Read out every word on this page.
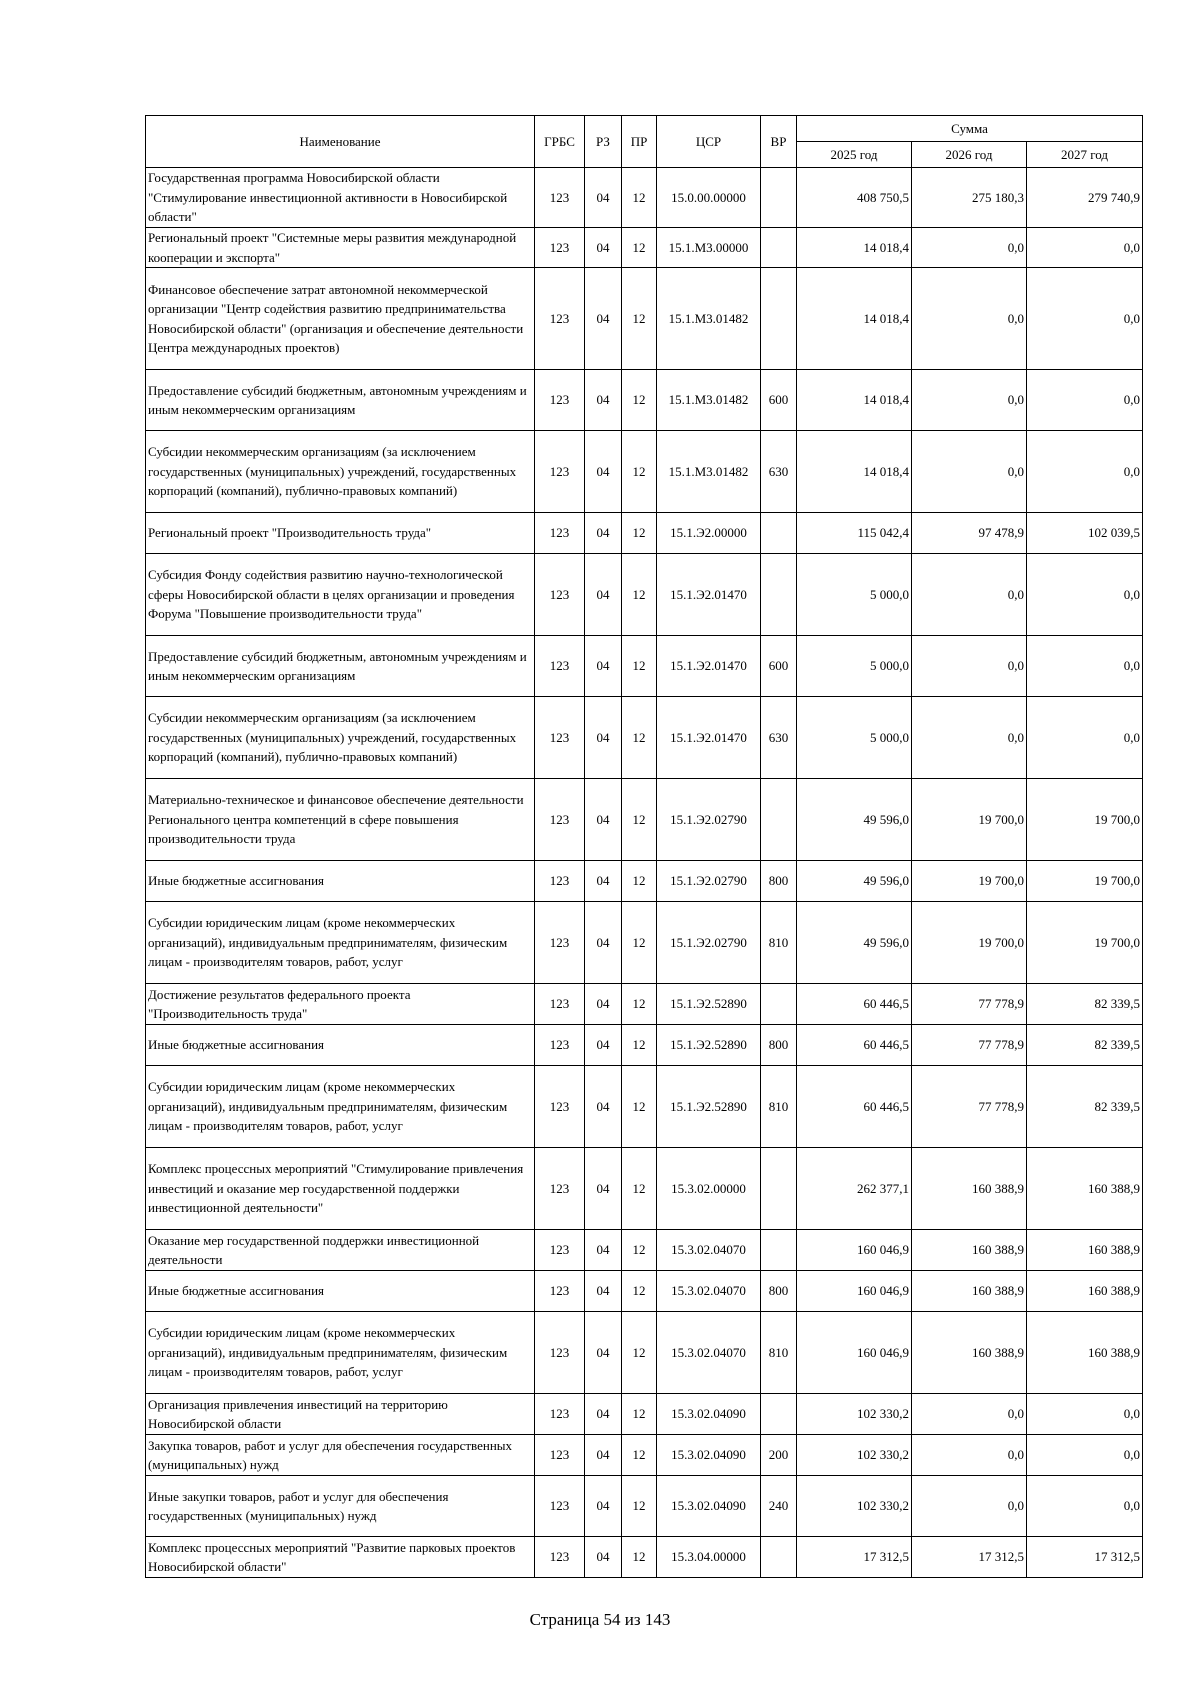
Наименование	ГРБС	РЗ	ПР	ЦСР	ВР	Сумма		
						2025 год	2026 год	2027 год
Государственная программа Новосибирской области "Стимулирование инвестиционной активности в Новосибирской области"	123	04	12	15.0.00.00000		408 750,5	275 180,3	279 740,9
Региональный проект "Системные меры развития международной кооперации и экспорта"	123	04	12	15.1.М3.00000		14 018,4	0,0	0,0
Финансовое обеспечение затрат автономной некоммерческой организации "Центр содействия развитию предпринимательства Новосибирской области" (организация и обеспечение деятельности Центра международных проектов)	123	04	12	15.1.М3.01482		14 018,4	0,0	0,0
Предоставление субсидий бюджетным, автономным учреждениям и иным некоммерческим организациям	123	04	12	15.1.М3.01482	600	14 018,4	0,0	0,0
Субсидии некоммерческим организациям (за исключением государственных (муниципальных) учреждений, государственных корпораций (компаний), публично-правовых компаний)	123	04	12	15.1.М3.01482	630	14 018,4	0,0	0,0
Региональный проект "Производительность труда"	123	04	12	15.1.Э2.00000		115 042,4	97 478,9	102 039,5
Субсидия Фонду содействия развитию научно-технологической сферы Новосибирской области в целях организации и проведения Форума "Повышение производительности труда"	123	04	12	15.1.Э2.01470		5 000,0	0,0	0,0
Предоставление субсидий бюджетным, автономным учреждениям и иным некоммерческим организациям	123	04	12	15.1.Э2.01470	600	5 000,0	0,0	0,0
Субсидии некоммерческим организациям (за исключением государственных (муниципальных) учреждений, государственных корпораций (компаний), публично-правовых компаний)	123	04	12	15.1.Э2.01470	630	5 000,0	0,0	0,0
Материально-техническое и финансовое обеспечение деятельности Регионального центра компетенций в сфере повышения производительности труда	123	04	12	15.1.Э2.02790		49 596,0	19 700,0	19 700,0
Иные бюджетные ассигнования	123	04	12	15.1.Э2.02790	800	49 596,0	19 700,0	19 700,0
Субсидии юридическим лицам (кроме некоммерческих организаций), индивидуальным предпринимателям, физическим лицам - производителям товаров, работ, услуг	123	04	12	15.1.Э2.02790	810	49 596,0	19 700,0	19 700,0
Достижение результатов федерального проекта "Производительность труда"	123	04	12	15.1.Э2.52890		60 446,5	77 778,9	82 339,5
Иные бюджетные ассигнования	123	04	12	15.1.Э2.52890	800	60 446,5	77 778,9	82 339,5
Субсидии юридическим лицам (кроме некоммерческих организаций), индивидуальным предпринимателям, физическим лицам - производителям товаров, работ, услуг	123	04	12	15.1.Э2.52890	810	60 446,5	77 778,9	82 339,5
Комплекс процессных мероприятий "Стимулирование привлечения инвестиций и оказание мер государственной поддержки инвестиционной деятельности"	123	04	12	15.3.02.00000		262 377,1	160 388,9	160 388,9
Оказание мер государственной поддержки инвестиционной деятельности	123	04	12	15.3.02.04070		160 046,9	160 388,9	160 388,9
Иные бюджетные ассигнования	123	04	12	15.3.02.04070	800	160 046,9	160 388,9	160 388,9
Субсидии юридическим лицам (кроме некоммерческих организаций), индивидуальным предпринимателям, физическим лицам - производителям товаров, работ, услуг	123	04	12	15.3.02.04070	810	160 046,9	160 388,9	160 388,9
Организация привлечения инвестиций на территорию Новосибирской области	123	04	12	15.3.02.04090		102 330,2	0,0	0,0
Закупка товаров, работ и услуг для обеспечения государственных (муниципальных) нужд	123	04	12	15.3.02.04090	200	102 330,2	0,0	0,0
Иные закупки товаров, работ и услуг для обеспечения государственных (муниципальных) нужд	123	04	12	15.3.02.04090	240	102 330,2	0,0	0,0
Комплекс процессных мероприятий "Развитие парковых проектов Новосибирской области"	123	04	12	15.3.04.00000		17 312,5	17 312,5	17 312,5
Страница 54 из 143
